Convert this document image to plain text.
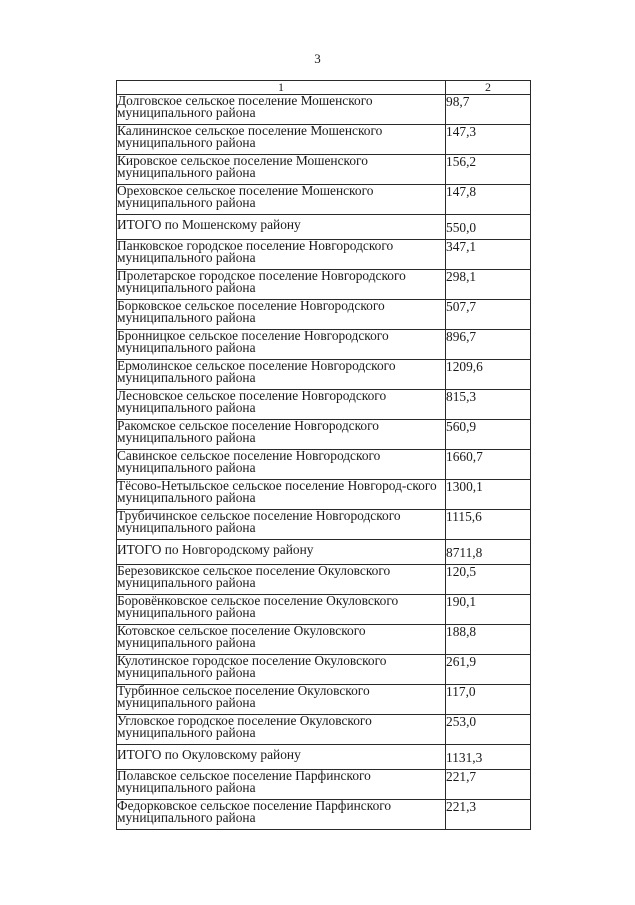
3
1	2
Долговское сельское поселение Мошенского муниципального района	98,7
Калининское сельское поселение Мошенского муниципального района	147,3
Кировское сельское поселение Мошенского муниципального района	156,2
Ореховское сельское поселение Мошенского муниципального района	147,8
ИТОГО по Мошенскому району	550,0
Панковское городское поселение Новгородского муниципального района	347,1
Пролетарское городское поселение Новгородского муниципального района	298,1
Борковское сельское поселение Новгородского муниципального района	507,7
Бронницкое сельское поселение Новгородского муниципального района	896,7
Ермолинское сельское поселение Новгородского муниципального района	1209,6
Лесновское сельское поселение Новгородского муниципального района	815,3
Ракомское сельское поселение Новгородского муниципального района	560,9
Савинское сельское поселение Новгородского муниципального района	1660,7
Тёсово-Нетыльское сельское поселение Новгород-ского муниципального района	1300,1
Трубичинское сельское поселение Новгородского муниципального района	1115,6
ИТОГО по Новгородскому району	8711,8
Березовикское сельское поселение Окуловского муниципального района	120,5
Боровёнковское сельское поселение Окуловского муниципального района	190,1
Котовское сельское поселение Окуловского муниципального района	188,8
Кулотинское городское поселение Окуловского муниципального района	261,9
Турбинное сельское поселение Окуловского муниципального района	117,0
Угловское городское поселение Окуловского муниципального района	253,0
ИТОГО по Окуловскому району	1131,3
Полавское сельское поселение Парфинского муниципального района	221,7
Федорковское сельское поселение Парфинского муниципального района	221,3
